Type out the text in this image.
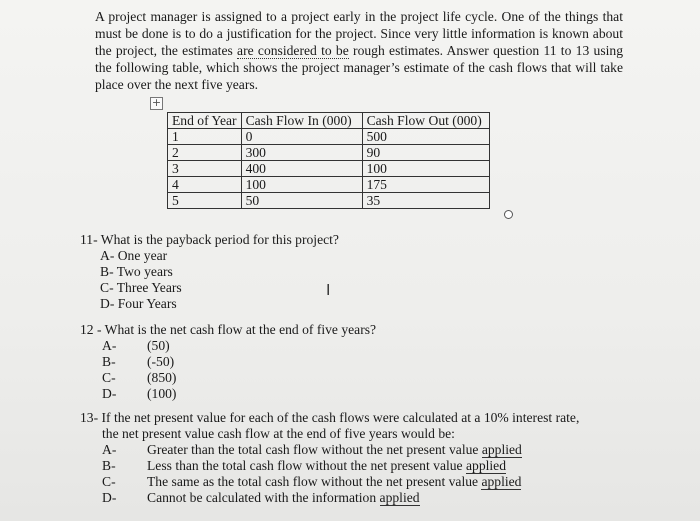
A project manager is assigned to a project early in the project life cycle. One of the things that must be done is to do a justification for the project. Since very little information is known about the project, the estimates are considered to be rough estimates. Answer question 11 to 13 using the following table, which shows the project manager’s estimate of the cash flows that will take place over the next five years.
+
End of Year	Cash Flow In (000)	Cash Flow Out (000)
1	0	500
2	300	90
3	400	100
4	100	175
5	50	35
11- What is the payback period for this project?
A- One year
B- Two years
C- Three Years
D- Four Years
I
12 - What is the net cash flow at the end of five years?
A- (50)
B- (-50)
C- (850)
D- (100)
13- If the net present value for each of the cash flows were calculated at a 10% interest rate,
the net present value cash flow at the end of five years would be:
A- Greater than the total cash flow without the net present value applied
B- Less than the total cash flow without the net present value applied
C- The same as the total cash flow without the net present value applied
D- Cannot be calculated with the information applied
